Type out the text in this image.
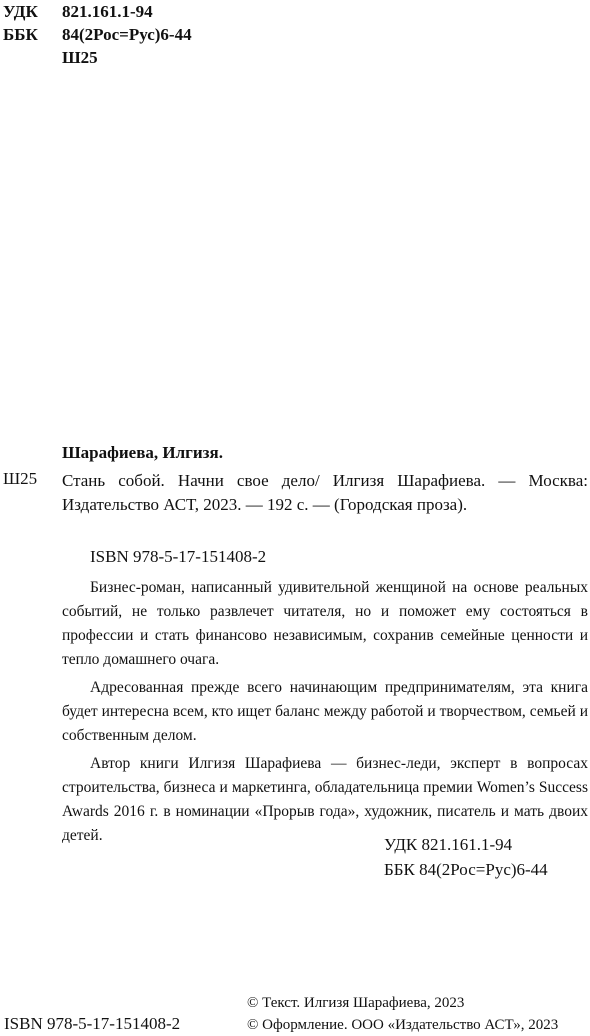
УДК	821.161.1-94
ББК	84(2Рос=Рус)6-44
Ш25
Шарафиева, Илгизя.
Ш25 Стань собой. Начни свое дело/ Илгизя Шарафиева. — Москва: Издательство АСТ, 2023. — 192 с. — (Городская проза).
ISBN 978-5-17-151408-2

Бизнес-роман, написанный удивительной женщиной на основе реальных событий, не только развлечет читателя, но и поможет ему состояться в профессии и стать финансово независимым, сохранив семейные ценности и тепло домашнего очага.

Адресованная прежде всего начинающим предпринимателям, эта книга будет интересна всем, кто ищет баланс между работой и творчеством, семьей и собственным делом.

Автор книги Илгизя Шарафиева — бизнес-леди, эксперт в вопросах строительства, бизнеса и маркетинга, обладательница премии Women’s Success Awards 2016 г. в номинации «Прорыв года», художник, писатель и мать двоих детей.	УДК 821.161.1-94
ББК 84(2Рос=Рус)6-44
© Текст. Илгизя Шарафиева, 2023
© Оформление. ООО «Издательство АСТ», 2023
ISBN 978-5-17-151408-2
